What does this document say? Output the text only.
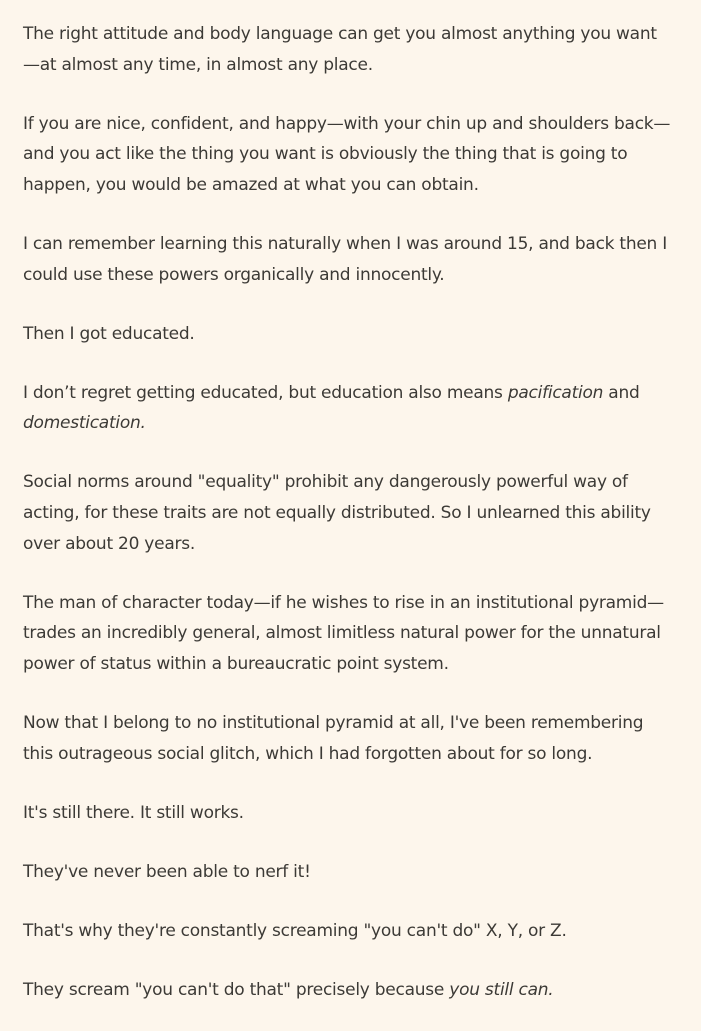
The right attitude and body language can get you almost anything you want—at almost any time, in almost any place.

If you are nice, confident, and happy—with your chin up and shoulders back—and you act like the thing you want is obviously the thing that is going to happen, you would be amazed at what you can obtain.

I can remember learning this naturally when I was around 15, and back then I could use these powers organically and innocently.

Then I got educated.

I don’t regret getting educated, but education also means pacification and domestication.

Social norms around "equality" prohibit any dangerously powerful way of acting, for these traits are not equally distributed. So I unlearned this ability over about 20 years.

The man of character today—if he wishes to rise in an institutional pyramid—trades an incredibly general, almost limitless natural power for the unnatural power of status within a bureaucratic point system.

Now that I belong to no institutional pyramid at all, I've been remembering this outrageous social glitch, which I had forgotten about for so long.

It's still there. It still works.

They've never been able to nerf it!

That's why they're constantly screaming "you can't do" X, Y, or Z.

They scream "you can't do that" precisely because you still can.
